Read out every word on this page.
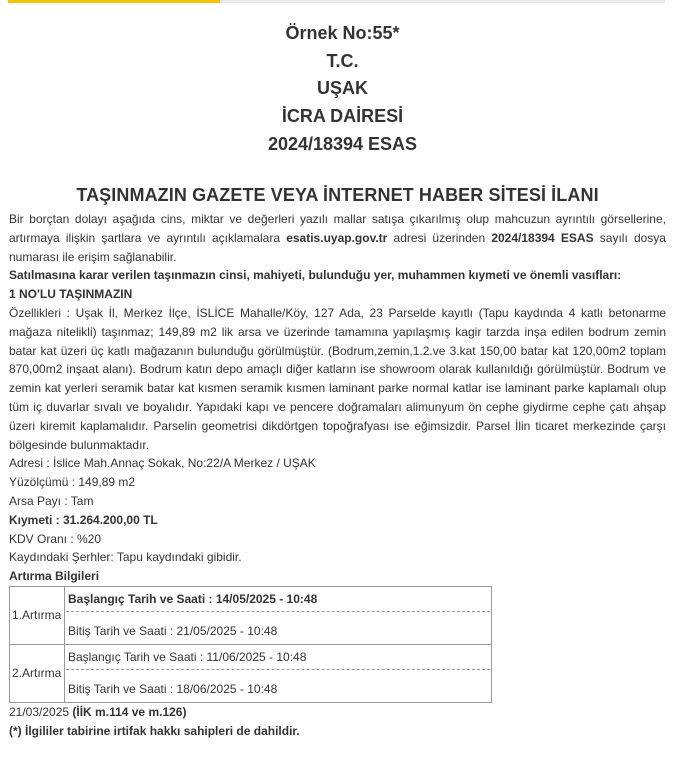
Örnek No:55*
T.C.
UŞAK
İCRA DAİRESİ
2024/18394 ESAS
TAŞINMAZIN GAZETE VEYA İNTERNET HABER SİTESİ İLANI

Bir borçtan dolayı aşağıda cins, miktar ve değerleri yazılı mallar satışa çıkarılmış olup mahcuzun ayrıntılı görsellerine, artırmaya ilişkin şartlara ve ayrıntılı açıklamalara esatis.uyap.gov.tr adresi üzerinden 2024/18394 ESAS sayılı dosya numarası ile erişim sağlanabilir.

Satılmasına karar verilen taşınmazın cinsi, mahiyeti, bulunduğu yer, muhammen kıymeti ve önemli vasıfları:

1 NO'LU TAŞINMAZIN

Özellikleri : Uşak İl, Merkez İlçe, İSLİCE Mahalle/Köy, 127 Ada, 23 Parselde kayıtlı (Tapu kaydında 4 katlı betonarme mağaza nitelikli) taşınmaz; 149,89 m2 lik arsa ve üzerinde tamamına yapılaşmış kagir tarzda inşa edilen bodrum zemin batar kat üzeri üç katlı mağazanın bulunduğu görülmüştür. (Bodrum,zemin,1.2.ve 3.kat 150,00 batar kat 120,00m2 toplam 870,00m2 inşaat alanı). Bodrum katın depo amaçlı diğer katların ise showroom olarak kullanıldığı görülmüştür. Bodrum ve zemin kat yerleri seramik batar kat kısmen seramik kısmen laminant parke normal katlar ise laminant parke kaplamalı olup tüm iç duvarlar sıvalı ve boyalıdır. Yapıdaki kapı ve pencere doğramaları alimunyum ön cephe giydirme cephe çatı ahşap üzeri kiremit kaplamalıdır. Parselin geometrisi dikdörtgen topoğrafyası ise eğimsizdir. Parsel İlin ticaret merkezinde çarşı bölgesinde bulunmaktadır.

Adresi : İslice Mah.Annaç Sokak, No:22/A Merkez / UŞAK

Yüzölçümü : 149,89 m2

Arsa Payı : Tam

Kıymeti : 31.264.200,00 TL

KDV Oranı : %20

Kaydındaki Şerhler: Tapu kaydındaki gibidir.

Artırma Bilgileri

1.Artırma	Başlangıç Tarih ve Saati : 14/05/2025 - 10:48
Bitiş Tarih ve Saati : 21/05/2025 - 10:48

2.Artırma	Başlangıç Tarih ve Saati : 11/06/2025 - 10:48
Bitiş Tarih ve Saati : 18/06/2025 - 10:48

21/03/2025 (İİK m.114 ve m.126)

(*) İlgililer tabirine irtifak hakkı sahipleri de dahildir.
